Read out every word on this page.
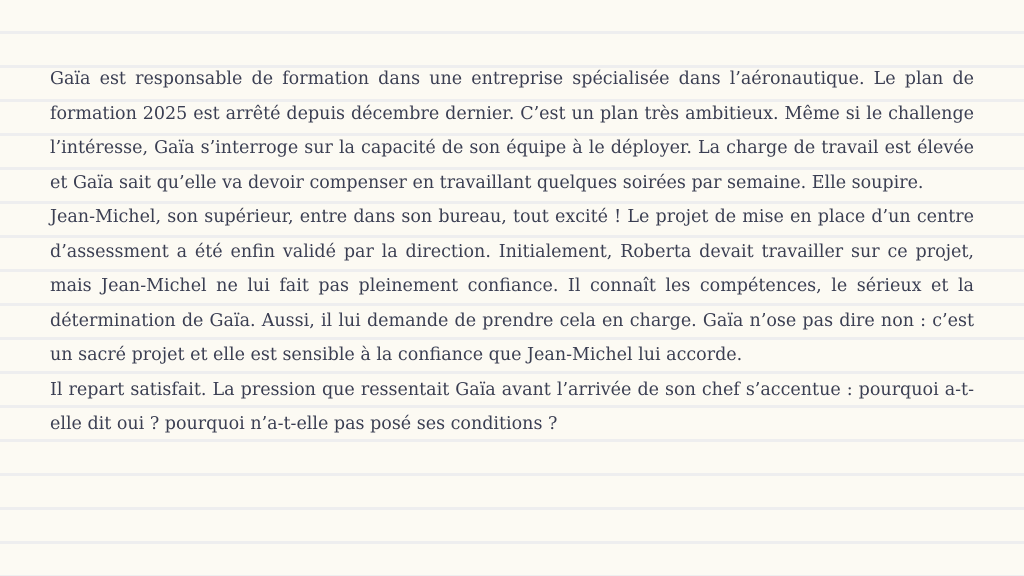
Gaïa est responsable de formation dans une entreprise spécialisée dans l’aéronautique. Le plan de formation 2025 est arrêté depuis décembre dernier. C’est un plan très ambitieux. Même si le challenge l’intéresse, Gaïa s’interroge sur la capacité de son équipe à le déployer. La charge de travail est élevée et Gaïa sait qu’elle va devoir compenser en travaillant quelques soirées par semaine. Elle soupire.

Jean-Michel, son supérieur, entre dans son bureau, tout excité ! Le projet de mise en place d’un centre d’assessment a été enfin validé par la direction. Initialement, Roberta devait travailler sur ce projet, mais Jean-Michel ne lui fait pas pleinement confiance. Il connaît les compétences, le sérieux et la détermination de Gaïa. Aussi, il lui demande de prendre cela en charge. Gaïa n’ose pas dire non : c’est un sacré projet et elle est sensible à la confiance que Jean-Michel lui accorde.

Il repart satisfait. La pression que ressentait Gaïa avant l’arrivée de son chef s’accentue : pourquoi a-t-elle dit oui ? pourquoi n’a-t-elle pas posé ses conditions ?
